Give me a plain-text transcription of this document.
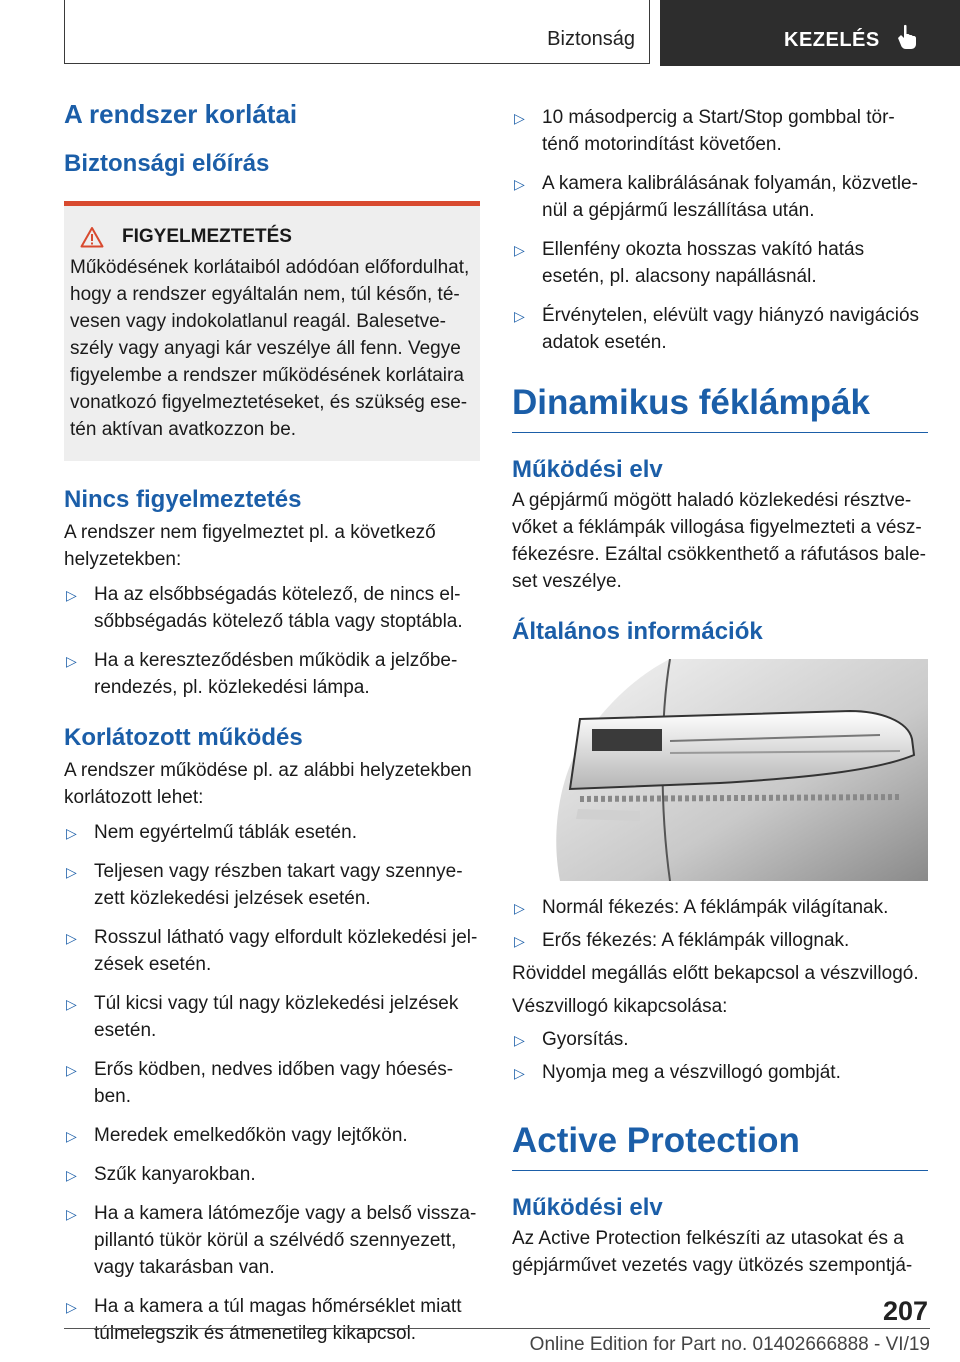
Biztonság	KEZELÉS
A rendszer korlátai
Biztonsági előírás
FIGYELMEZTETÉS

Működésének korlátaiból adódóan előfordulhat, hogy a rendszer egyáltalán nem, túl későn, té-vesen vagy indokolatlanul reagál. Balesetve-szély vagy anyagi kár veszélye áll fenn. Vegye figyelembe a rendszer működésének korlátaira vonatkozó figyelmeztetéseket, és szükség ese-tén aktívan avatkozzon be.

Nincs figyelmeztetés

A rendszer nem figyelmeztet pl. a következő helyzetekben:

▷ Ha az elsőbbségadás kötelező, de nincs el-sőbbségadás kötelező tábla vagy stoptábla.
▷ Ha a kereszteződésben működik a jelzőbe-rendezés, pl. közlekedési lámpa.
Korlátozott működés

A rendszer működése pl. az alábbi helyzetekben korlátozott lehet:

▷ Nem egyértelmű táblák esetén.
▷ Teljesen vagy részben takart vagy szennye-zett közlekedési jelzések esetén.
▷ Rosszul látható vagy elfordult közlekedési jel-zések esetén.
▷ Túl kicsi vagy túl nagy közlekedési jelzések esetén.
▷ Erős ködben, nedves időben vagy hóesés-ben.
▷ Meredek emelkedőkön vagy lejtőkön.
▷ Szűk kanyarokban.
▷ Ha a kamera látómezője vagy a belső vissza-pillantó tükör körül a szélvédő szennyezett, vagy takarásban van.
▷ Ha a kamera a túl magas hőmérséklet miatt túlmelegszik és átmenetileg kikapcsol.
▷ 10 másodpercig a Start/Stop gombbal tör-ténő motorindítást követően.
▷ A kamera kalibrálásának folyamán, közvetle-nül a gépjármű leszállítása után.
▷ Ellenfény okozta hosszas vakító hatás esetén, pl. alacsony napállásnál.
▷ Érvénytelen, elévült vagy hiányzó navigációs adatok esetén.
Dinamikus féklámpák
Működési elv

A gépjármű mögött haladó közlekedési résztve-vőket a féklámpák villogása figyelmezteti a vész-fékezésre. Ezáltal csökkenthető a ráfutásos bale-set veszélye.

Általános információk
▷ Normál fékezés: A féklámpák világítanak.
▷ Erős fékezés: A féklámpák villognak.

Röviddel megállás előtt bekapcsol a vészvillogó.

Vészvillogó kikapcsolása:

▷ Gyorsítás.
▷ Nyomja meg a vészvillogó gombját.
Active Protection
Működési elv

Az Active Protection felkészíti az utasokat és a gépjárművet vezetés vagy ütközés szempontjá-

207
Online Edition for Part no. 01402666888 - VI/19
